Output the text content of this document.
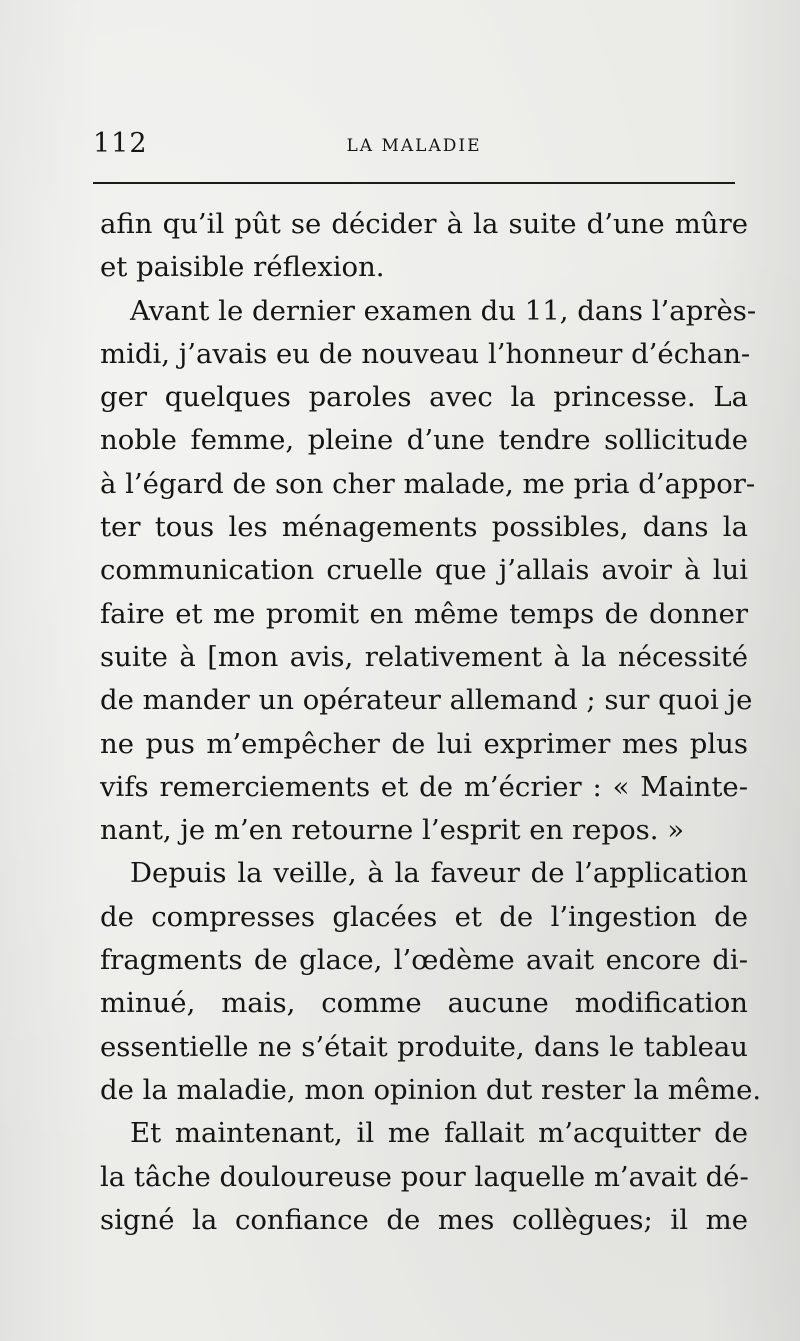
112	LA MALADIE
afin qu’il pût se décider à la suite d’une mûre
et paisible réflexion.
Avant le dernier examen du 11, dans l’après-
midi, j’avais eu de nouveau l’honneur d’échan-
ger quelques paroles avec la princesse. La
noble femme, pleine d’une tendre sollicitude
à l’égard de son cher malade, me pria d’appor-
ter tous les ménagements possibles, dans la
communication cruelle que j’allais avoir à lui
faire et me promit en même temps de donner
suite à [mon avis, relativement à la nécessité
de mander un opérateur allemand ; sur quoi je
ne pus m’empêcher de lui exprimer mes plus
vifs remerciements et de m’écrier : « Mainte-
nant, je m’en retourne l’esprit en repos. »
Depuis la veille, à la faveur de l’application
de compresses glacées et de l’ingestion de
fragments de glace, l’œdème avait encore di-
minué, mais, comme aucune modification
essentielle ne s’était produite, dans le tableau
de la maladie, mon opinion dut rester la même.
Et maintenant, il me fallait m’acquitter de
la tâche douloureuse pour laquelle m’avait dé-
signé la confiance de mes collègues; il me
